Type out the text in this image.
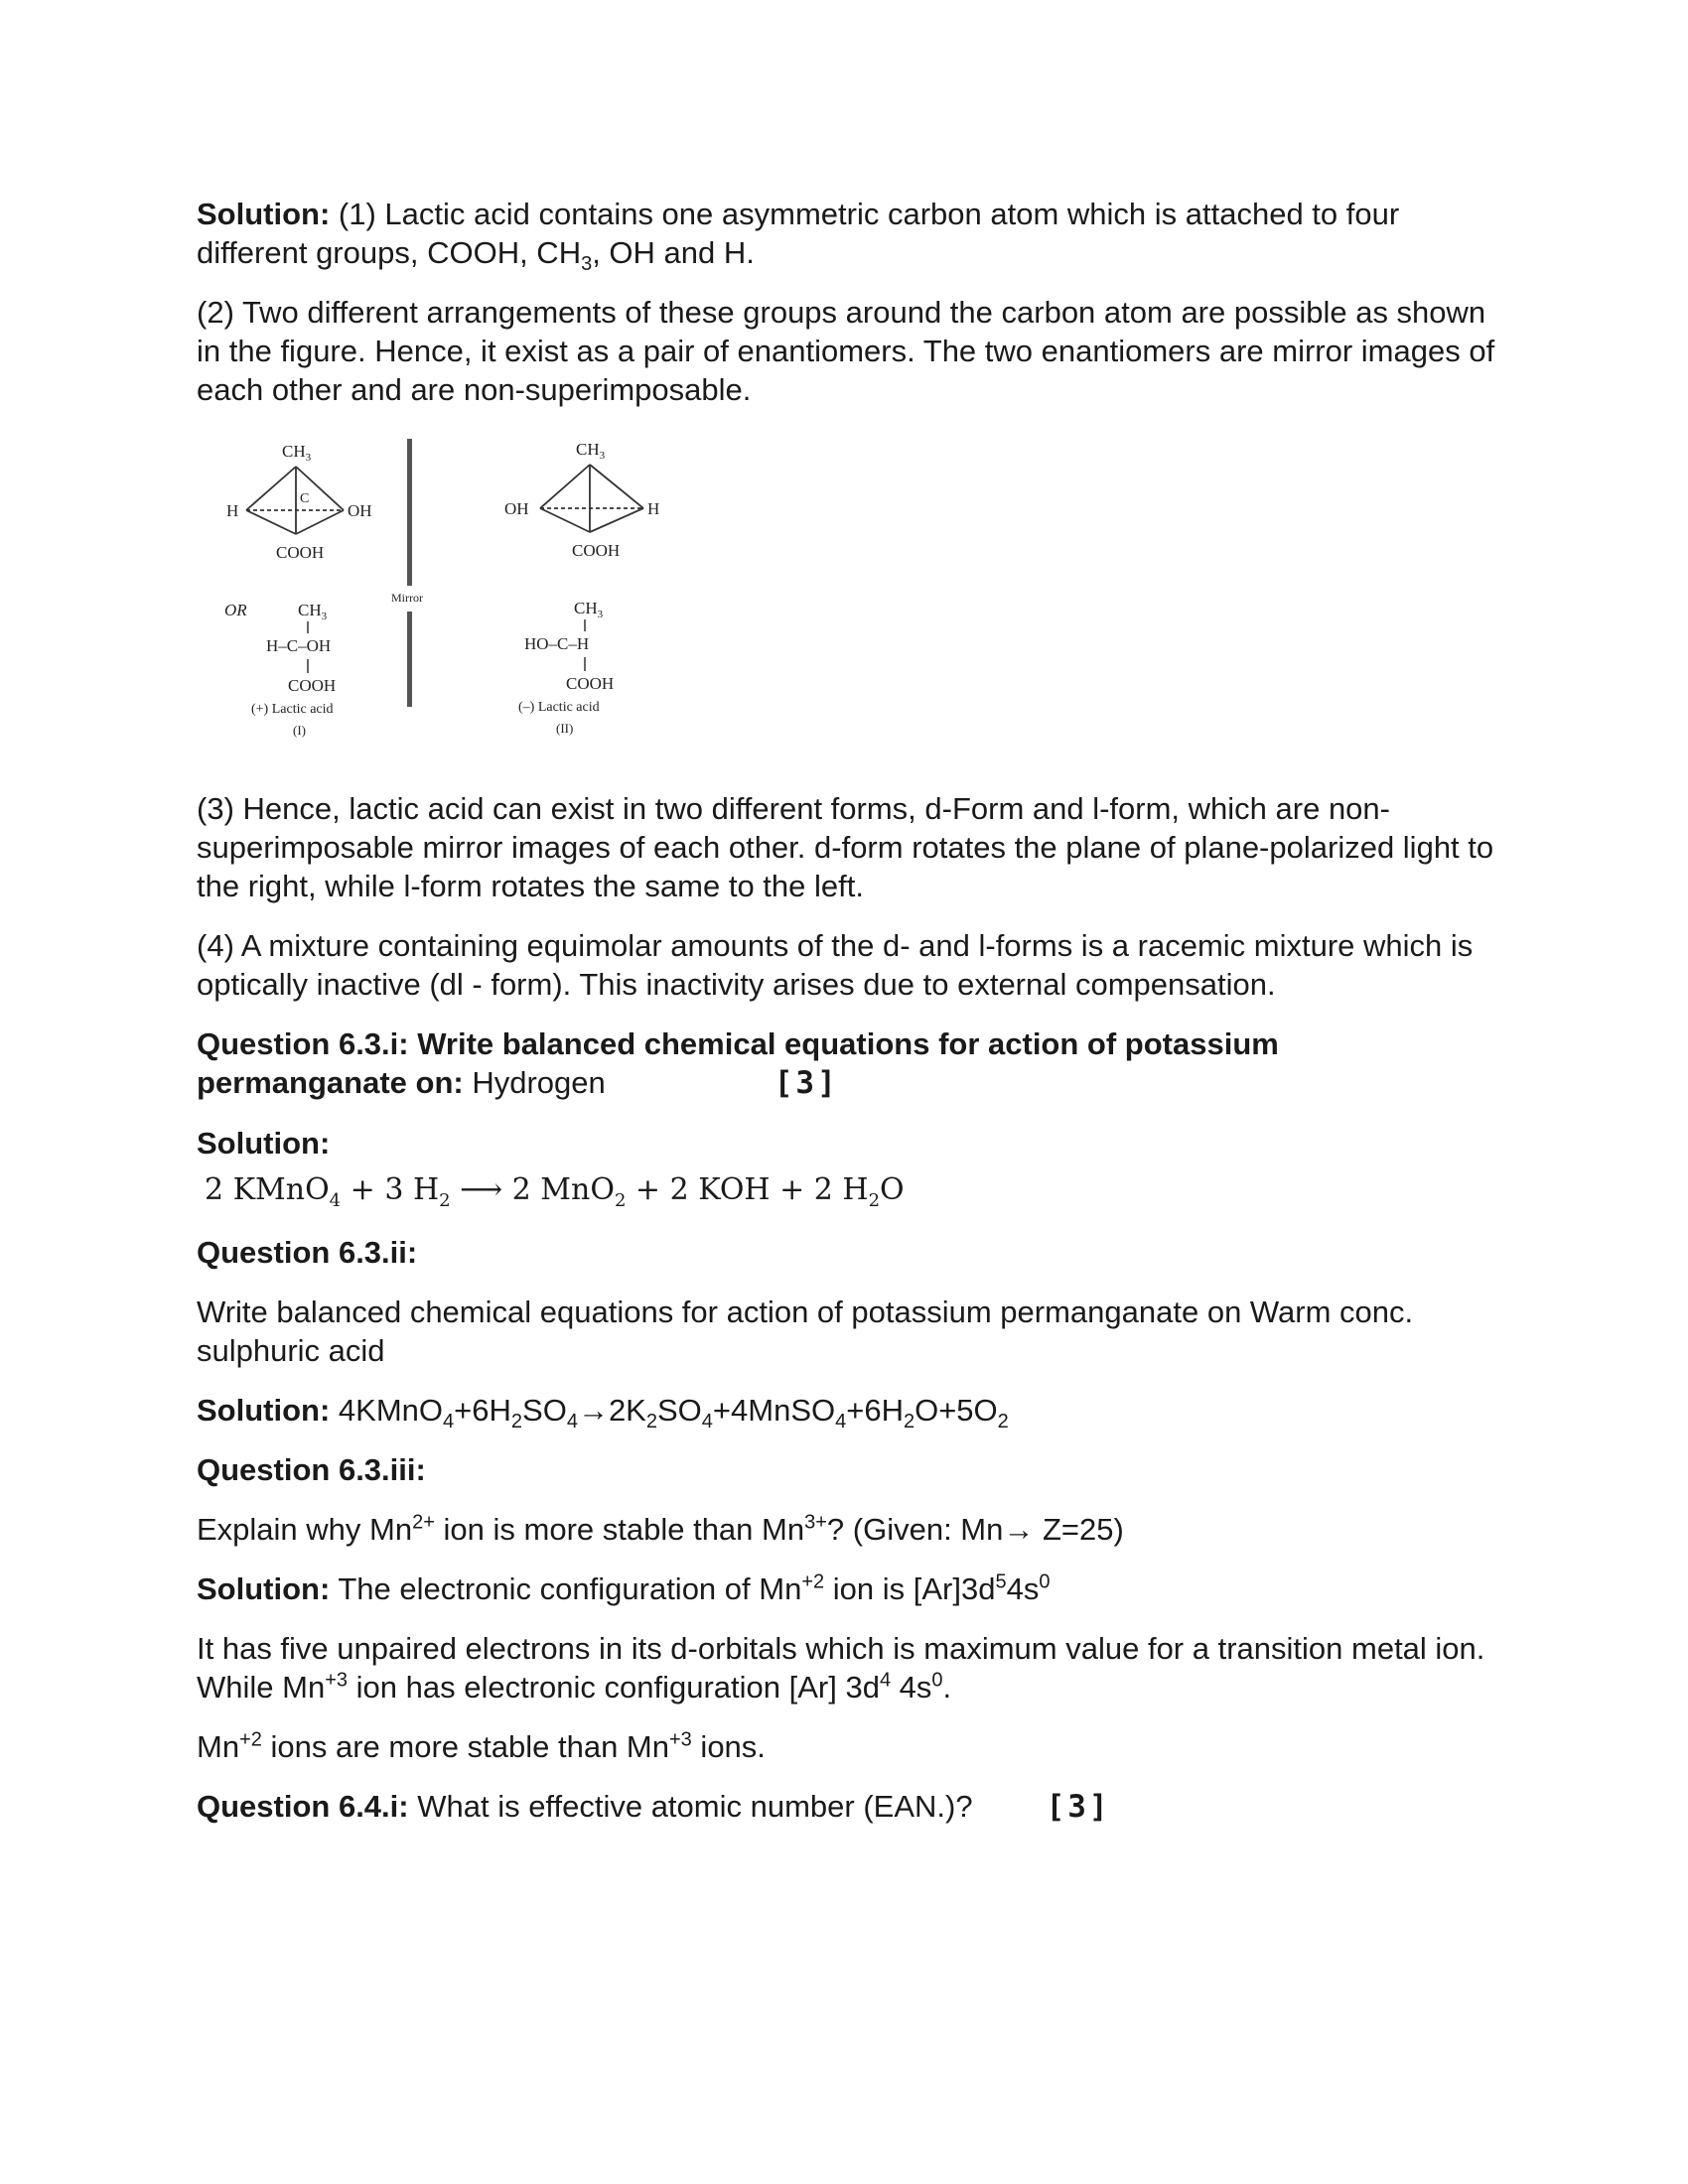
Solution: (1) Lactic acid contains one asymmetric carbon atom which is attached to four different groups, COOH, $CH_3$, OH and H.

(2) Two different arrangements of these groups around the carbon atom are possible as shown in the figure. Hence, it exist as a pair of enantiomers. The two enantiomers are mirror images of each other and are non-superimposable.

$CH_3$
H	OH
C
COOH
Mirror
$CH_3$
OH	H
COOH
OR	$CH_3$
H–C–OH
COOH
(+) Lactic acid
(I)
$CH_3$
HO–C–H
COOH
(–) Lactic acid
(II)

(3) Hence, lactic acid can exist in two different forms, d-Form and l-form, which are non-superimposable mirror images of each other. d-form rotates the plane of plane-polarized light to the right, while l-form rotates the same to the left.

(4) A mixture containing equimolar amounts of the d- and l-forms is a racemic mixture which is optically inactive (dl - form). This inactivity arises due to external compensation.

Question 6.3.i: Write balanced chemical equations for action of potassium permanganate on: Hydrogen	[3]

Solution:

2 KMnO$_4$ + 3 $H_2$ ⟶ 2 MnO$_2$ + 2 KOH + 2 $H_2O$

Question 6.3.ii:

Write balanced chemical equations for action of potassium permanganate on Warm conc. sulphuric acid

Solution: $4KMnO_4+6H_2SO_4\to 2K_2SO_4+4MnSO_4+6H_2O+5O_2$

Question 6.3.iii:

Explain why $Mn^{2+}$ ion is more stable than $Mn^{3+}$? (Given: Mn→ Z=25)

Solution: The electronic configuration of $Mn^{+2}$ ion is $[Ar]3d^54s^0$

It has five unpaired electrons in its d-orbitals which is maximum value for a transition metal ion. While $Mn^{+3}$ ion has electronic configuration [Ar] $3d^4$ $4s^0$.

$Mn^{+2}$ ions are more stable than $Mn^{+3}$ ions.

Question 6.4.i: What is effective atomic number (EAN.)? [3]
